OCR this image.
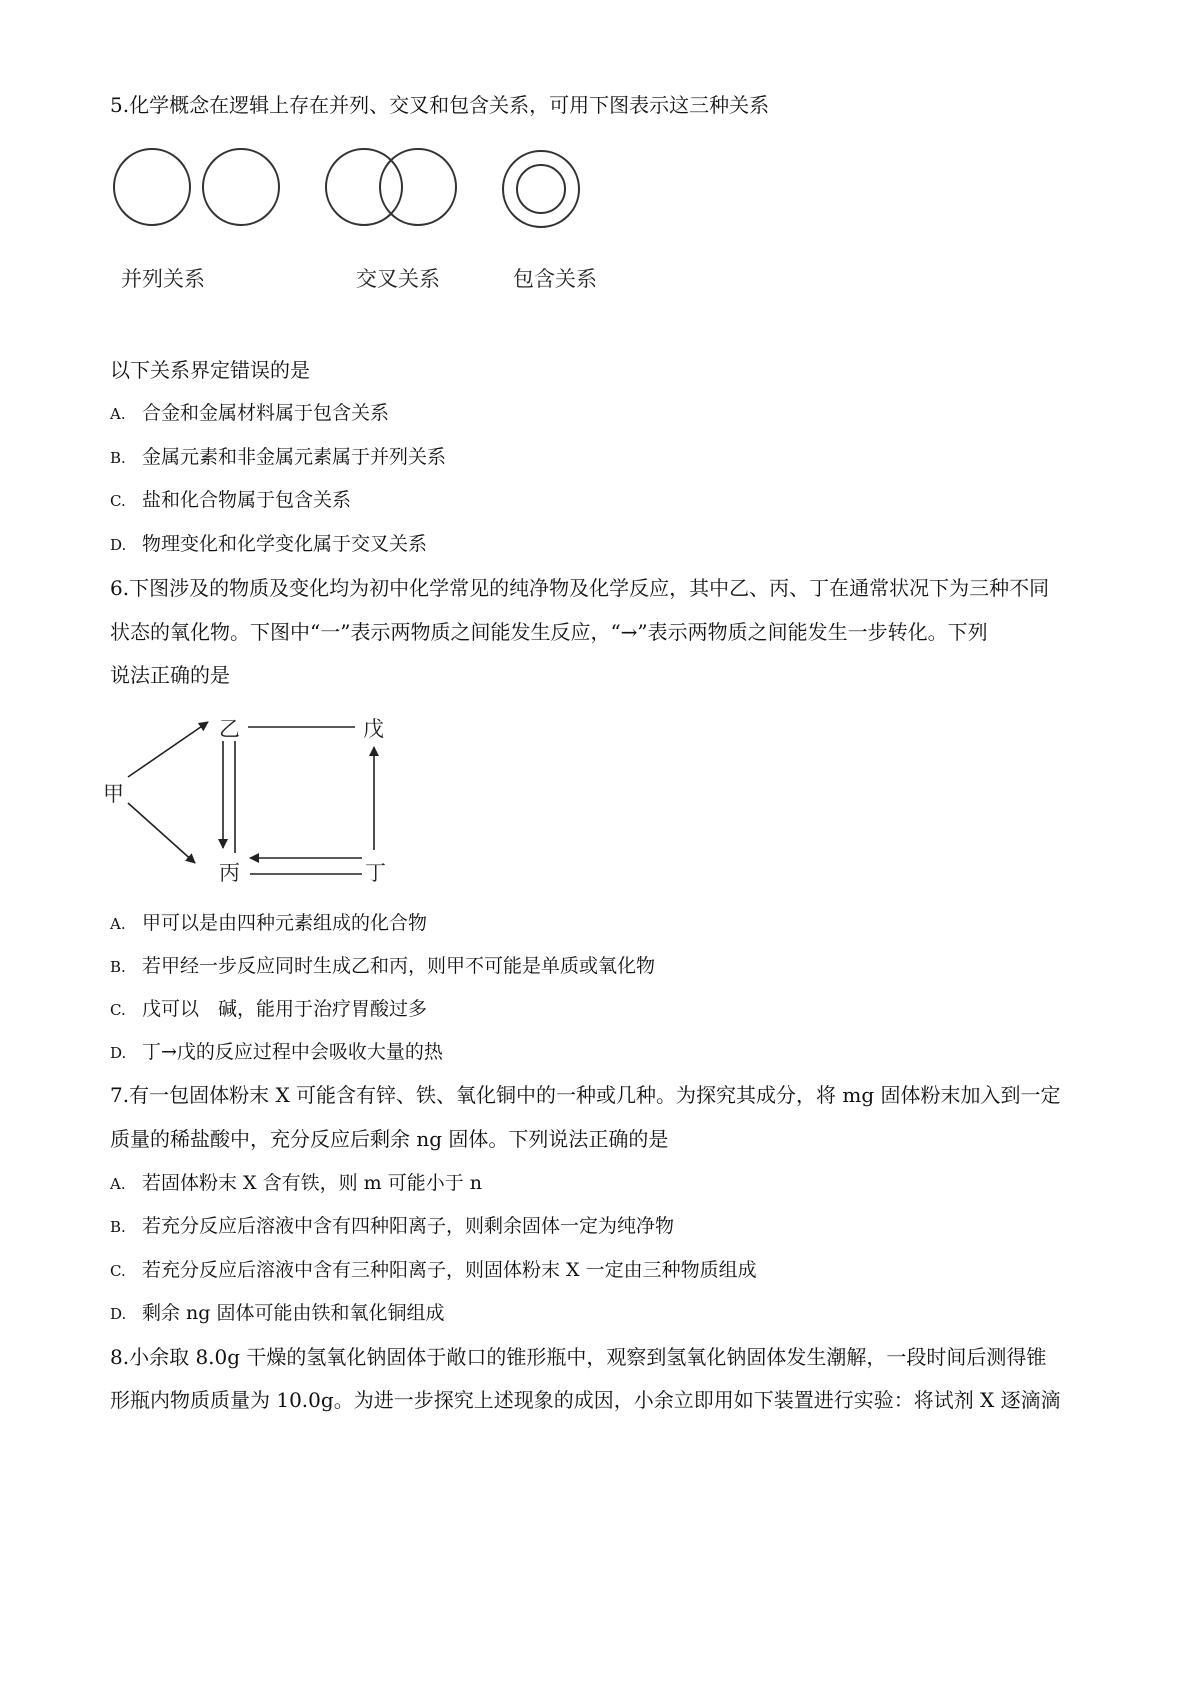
5.化学概念在逻辑上存在并列、交叉和包含关系，可用下图表示这三种关系
并列关系	交叉关系	包含关系
以下关系界定错误的是
A. 合金和金属材料属于包含关系
B. 金属元素和非金属元素属于并列关系
C. 盐和化合物属于包含关系
D. 物理变化和化学变化属于交叉关系
6.下图涉及的物质及变化均为初中化学常见的纯净物及化学反应，其中乙、丙、丁在通常状况下为三种不同
状态的氧化物。下图中“一”表示两物质之间能发生反应，“→”表示两物质之间能发生一步转化。下列
说法正确的是
甲
乙	戊
丙	丁
A. 甲可以是由四种元素组成的化合物
B. 若甲经一步反应同时生成乙和丙，则甲不可能是单质或氧化物
C. 戊可以　碱，能用于治疗胃酸过多
D. 丁→戊的反应过程中会吸收大量的热
7.有一包固体粉末 X 可能含有锌、铁、氧化铜中的一种或几种。为探究其成分，将 mg 固体粉末加入到一定
质量的稀盐酸中，充分反应后剩余 ng 固体。下列说法正确的是
A. 若固体粉末 X 含有铁，则 m 可能小于 n
B. 若充分反应后溶液中含有四种阳离子，则剩余固体一定为纯净物
C. 若充分反应后溶液中含有三种阳离子，则固体粉末 X 一定由三种物质组成
D. 剩余 ng 固体可能由铁和氧化铜组成
8.小余取 8.0g 干燥的氢氧化钠固体于敞口的锥形瓶中，观察到氢氧化钠固体发生潮解，一段时间后测得锥
形瓶内物质质量为 10.0g。为进一步探究上述现象的成因，小余立即用如下装置进行实验：将试剂 X 逐滴滴
